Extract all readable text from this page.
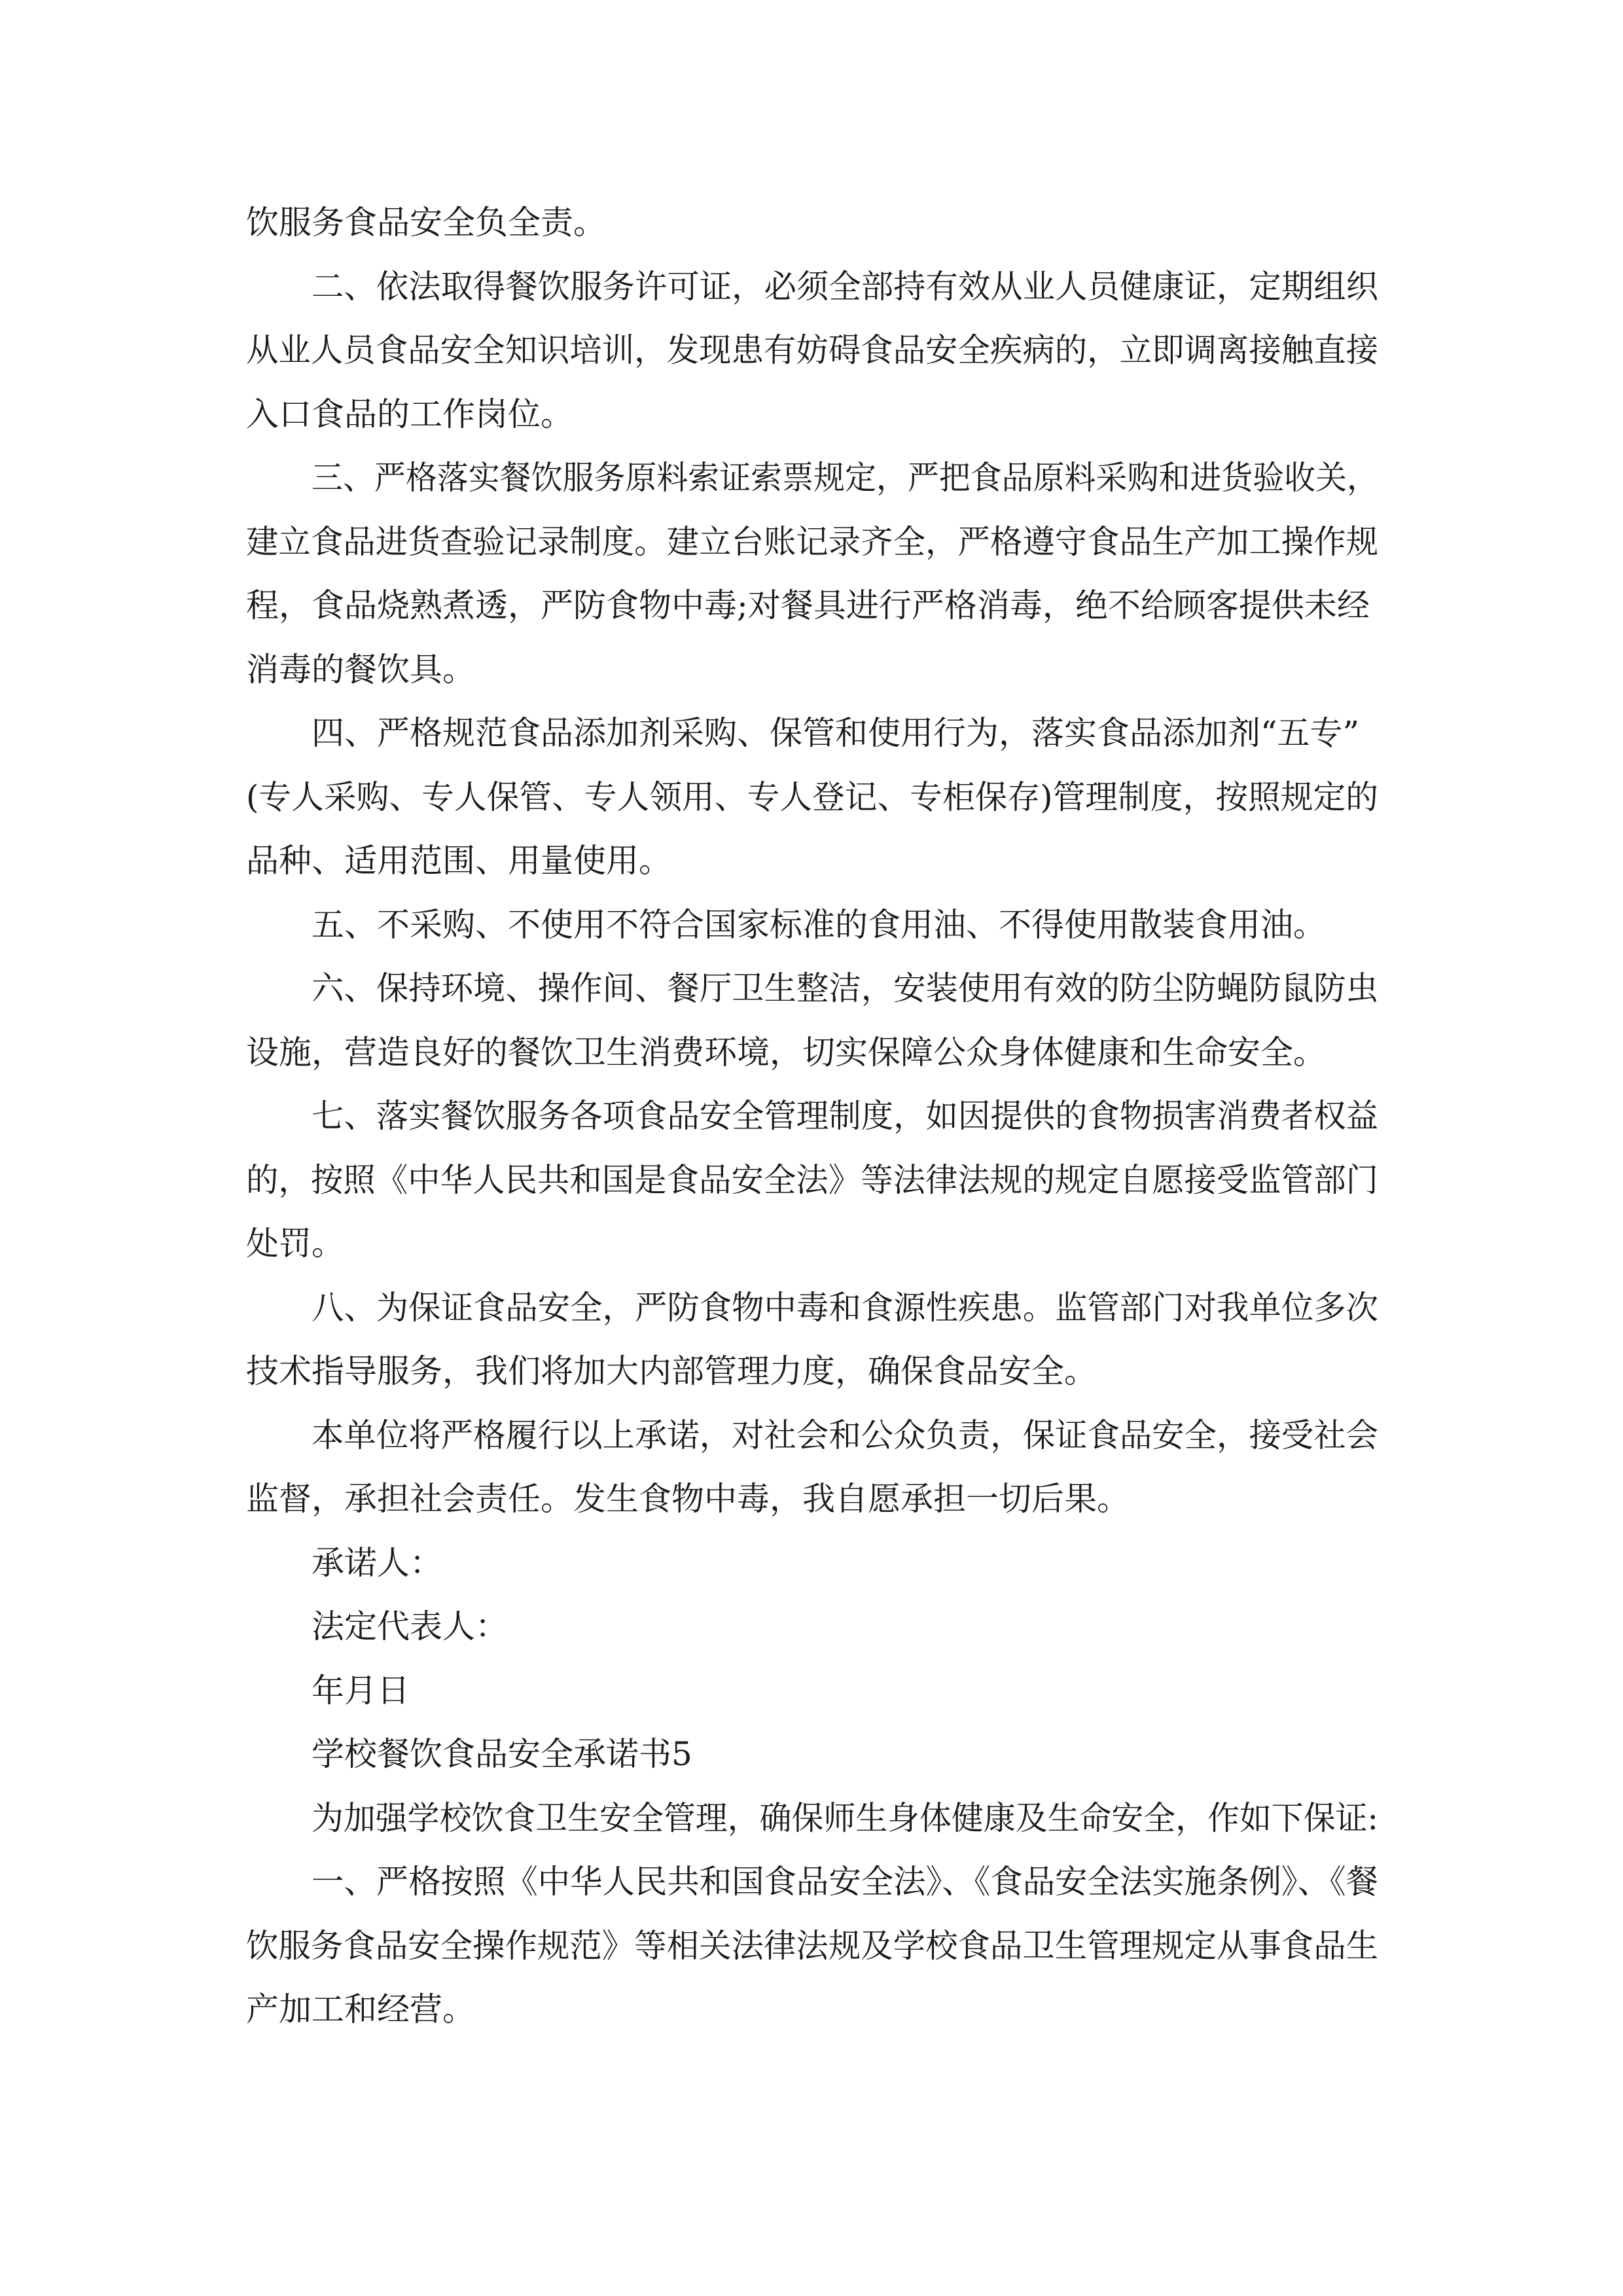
饮服务食品安全负全责。
二、依法取得餐饮服务许可证，必须全部持有效从业人员健康证，定期组织
从业人员食品安全知识培训，发现患有妨碍食品安全疾病的，立即调离接触直接
入口食品的工作岗位。
三、严格落实餐饮服务原料索证索票规定，严把食品原料采购和进货验收关，
建立食品进货查验记录制度。建立台账记录齐全，严格遵守食品生产加工操作规
程，食品烧熟煮透，严防食物中毒;对餐具进行严格消毒，绝不给顾客提供未经
消毒的餐饮具。
四、严格规范食品添加剂采购、保管和使用行为，落实食品添加剂“五专”
(专人采购、专人保管、专人领用、专人登记、专柜保存)管理制度，按照规定的
品种、适用范围、用量使用。
五、不采购、不使用不符合国家标准的食用油、不得使用散装食用油。
六、保持环境、操作间、餐厅卫生整洁，安装使用有效的防尘防蝇防鼠防虫
设施，营造良好的餐饮卫生消费环境，切实保障公众身体健康和生命安全。
七、落实餐饮服务各项食品安全管理制度，如因提供的食物损害消费者权益
的，按照《中华人民共和国是食品安全法》等法律法规的规定自愿接受监管部门
处罚。
八、为保证食品安全，严防食物中毒和食源性疾患。监管部门对我单位多次
技术指导服务，我们将加大内部管理力度，确保食品安全。
本单位将严格履行以上承诺，对社会和公众负责，保证食品安全，接受社会
监督，承担社会责任。发生食物中毒，我自愿承担一切后果。
承诺人：
法定代表人：
年月日
学校餐饮食品安全承诺书5
为加强学校饮食卫生安全管理，确保师生身体健康及生命安全，作如下保证:
一、严格按照《中华人民共和国食品安全法》、《食品安全法实施条例》、《餐
饮服务食品安全操作规范》等相关法律法规及学校食品卫生管理规定从事食品生
产加工和经营。
